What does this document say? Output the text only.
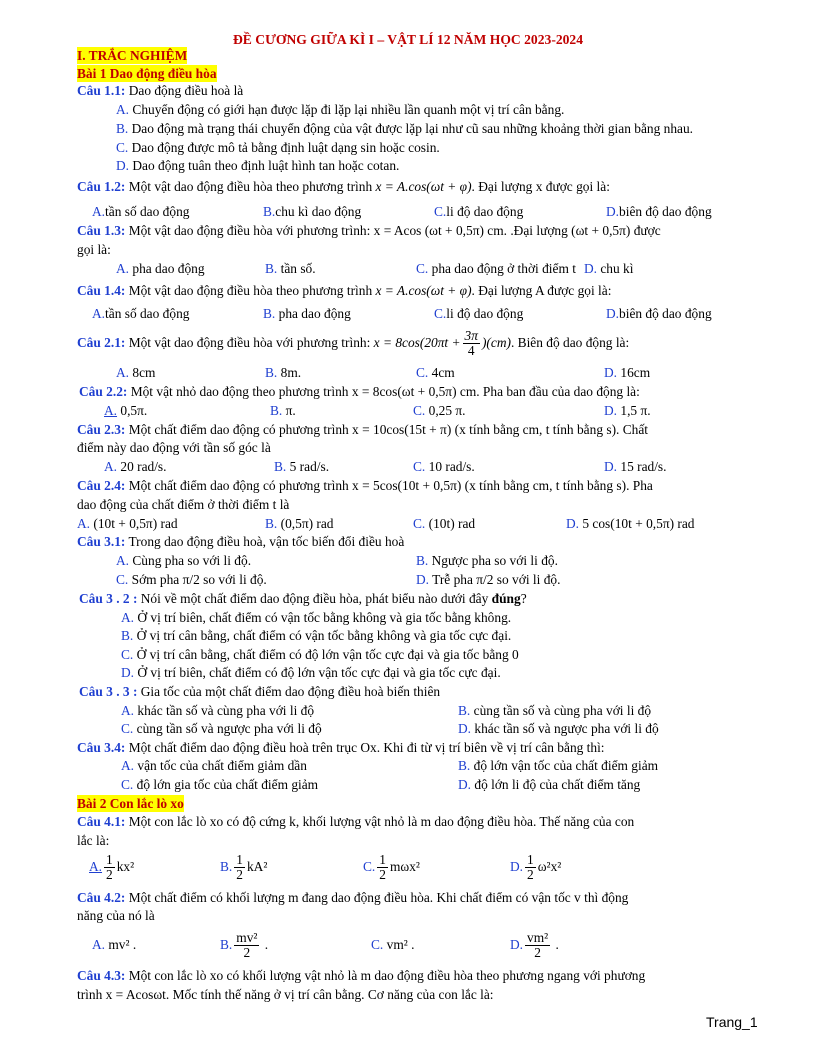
ĐỀ CƯƠNG GIỮA KÌ I – VẬT LÍ 12 NĂM HỌC 2023-2024
I. TRẮC NGHIỆM
Bài 1 Dao động điều hòa
Câu 1.1: Dao động điều hoà là
A. Chuyển động có giới hạn được lặp đi lặp lại nhiều lần quanh một vị trí cân bằng.
B. Dao động mà trạng thái chuyển động của vật được lặp lại như cũ sau những khoảng thời gian bằng nhau.
C. Dao động được mô tả bằng định luật dạng sin hoặc cosin.
D. Dao động tuân theo định luật hình tan hoặc cotan.
Câu 1.2: Một vật dao động điều hòa theo phương trình x = A.cos(ωt + φ). Đại lượng x được gọi là:
A.tần số dao động	B.chu kì dao động	C.li độ dao động	D.biên độ dao động
Câu 1.3: Một vật dao động điều hòa với phương trình: x = Acos (ωt + 0,5π) cm. .Đại lượng (ωt + 0,5π) được
gọi là:
A. pha dao động	B. tần số.	C. pha dao động ở thời điểm t D. chu kì
Câu 1.4: Một vật dao động điều hòa theo phương trình x = A.cos(ωt + φ). Đại lượng A được gọi là:
A.tần số dao động	B. pha dao động	C.li độ dao động	D.biên độ dao động
Câu 2.1: Một vật dao động điều hòa với phương trình: $x = 8\cos(20\pi t + \frac{3\pi}{4} )(cm)$. Biên độ dao động là:
A. 8cm	B. 8m.	C. 4cm	D. 16cm
Câu 2.2: Một vật nhỏ dao động theo phương trình x = 8cos(ωt + 0,5π) cm. Pha ban đầu của dao động là:
A. 0,5π.	B. π.	C. 0,25 π.	D. 1,5 π.
Câu 2.3: Một chất điểm dao động có phương trình x = 10cos(15t + π) (x tính bằng cm, t tính bằng s). Chất
điểm này dao động với tần số góc là
A. 20 rad/s.	B. 5 rad/s.	C. 10 rad/s.	D. 15 rad/s.
Câu 2.4: Một chất điểm dao động có phương trình x = 5cos(10t + 0,5π) (x tính bằng cm, t tính bằng s). Pha
dao động của chất điểm ở thời điểm t là
A. (10t + 0,5π) rad	B. (0,5π) rad	C. (10t) rad	D. 5 cos(10t + 0,5π) rad
Câu 3.1: Trong dao động điều hoà, vận tốc biến đổi điều hoà
A. Cùng pha so với li độ.	B. Ngược pha so với li độ.
C. Sớm pha π/2 so với li độ.	D. Trễ pha π/2 so với li độ.
Câu 3 . 2 : Nói về một chất điểm dao động điều hòa, phát biểu nào dưới đây đúng?
A. Ở vị trí biên, chất điểm có vận tốc bằng không và gia tốc bằng không.
B. Ở vị trí cân bằng, chất điểm có vận tốc bằng không và gia tốc cực đại.
C. Ở vị trí cân bằng, chất điểm có độ lớn vận tốc cực đại và gia tốc bằng 0
D. Ở vị trí biên, chất điểm có độ lớn vận tốc cực đại và gia tốc cực đại.
Câu 3 . 3 : Gia tốc của một chất điểm dao động điều hoà biến thiên
A. khác tần số và cùng pha với li độ	B. cùng tần số và cùng pha với li độ
C. cùng tần số và ngược pha với li độ	D. khác tần số và ngược pha với li độ
Câu 3.4: Một chất điểm dao động điều hoà trên trục Ox. Khi đi từ vị trí biên về vị trí cân bằng thì:
A. vận tốc của chất điểm giảm dần	B. độ lớn vận tốc của chất điểm giảm
C. độ lớn gia tốc của chất điểm giảm	D. độ lớn li độ của chất điểm tăng
Bài 2 Con lắc lò xo
Câu 4.1: Một con lắc lò xo có độ cứng k, khối lượng vật nhỏ là m dao động điều hòa. Thế năng của con
lắc là:
A. $\frac{1}{2} kx^2$	B. $\frac{1}{2} kA^2$	C. $\frac{1}{2} m\omega x^2$	D. $\frac{1}{2} \omega^2x^2$
Câu 4.2: Một chất điểm có khối lượng m đang dao động điều hòa. Khi chất điểm có vận tốc v thì động
năng của nó là
A. mv² .	B. $\frac{\text{mv²}}{2}$ .	C. vm² .	D. $\frac{\text{vm²}}{2}$ .
Câu 4.3: Một con lắc lò xo có khối lượng vật nhỏ là m dao động điều hòa theo phương ngang với phương
trình x = Acosωt. Mốc tính thế năng ở vị trí cân bằng. Cơ năng của con lắc là:
Trang_1
